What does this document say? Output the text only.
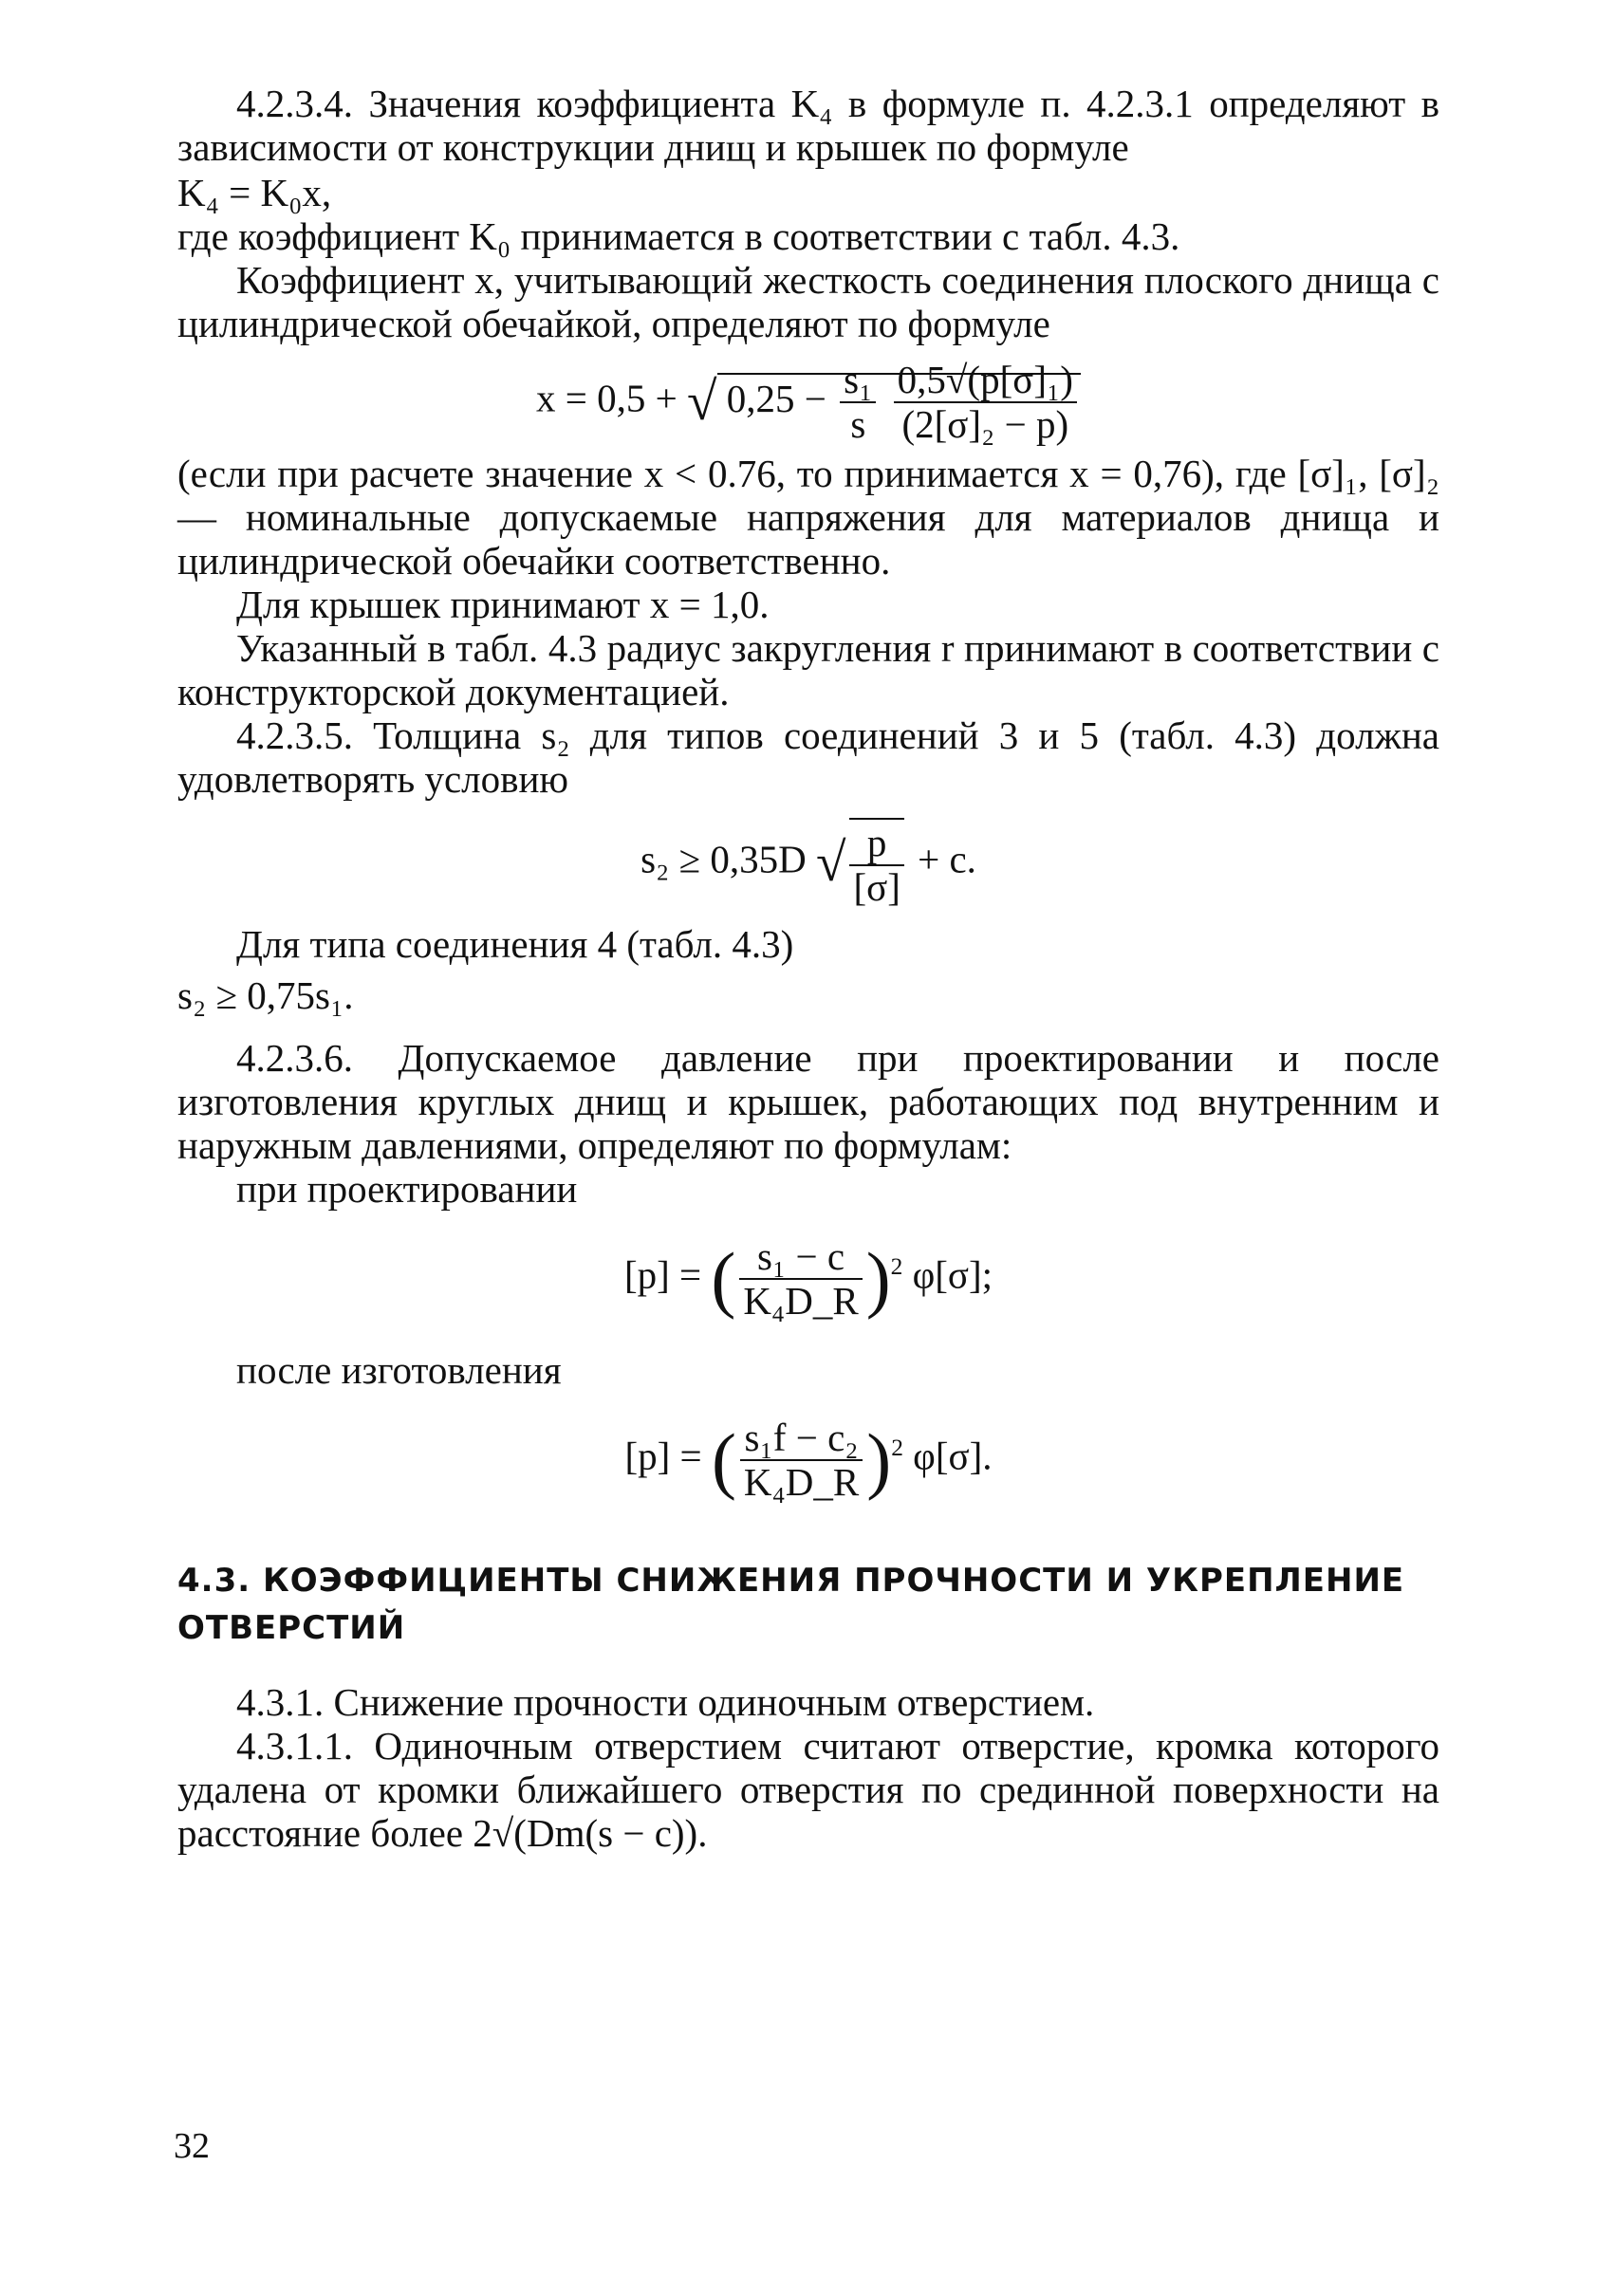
4.2.3.4. Значения коэффициента K₄ в формуле п. 4.2.3.1 определяют в зависимости от конструкции днищ и крышек по формуле

K₄ = K₀x,

где коэффициент K₀ принимается в соответствии с табл. 4.3.

Коэффициент x, учитывающий жесткость соединения плоского днища с цилиндрической обечайкой, определяют по формуле

x = 0,5 + √ $0,25 - \frac{\text{s₁}}{s}$
$\frac{\text{0,5√(p[σ]₁)}}{\text{(2[σ]₂ − p)}}$

(если при расчете значение x < 0.76, то принимается x = 0,76), где [σ]₁, [σ]₂ — номинальные допускаемые напряжения для материалов днища и цилиндрической обечайки соответственно.

Для крышек принимают x = 1,0.

Указанный в табл. 4.3 радиус закругления r принимают в соответствии с конструкторской документацией.

4.2.3.5. Толщина s₂ для типов соединений 3 и 5 (табл. 4.3) должна удовлетворять условию

s₂ ≥ 0,35D √ $\frac{p}{[\sigma]} + c$.

Для типа соединения 4 (табл. 4.3)

s₂ ≥ 0,75s₁.

4.2.3.6. Допускаемое давление при проектировании и после изготовления круглых днищ и крышек, работающих под внутренним и наружным давлениями, определяют по формулам:

при проектировании

[p] = ( $\frac{\text{s₁ − c}}{\text{K₄D\_R}} )^2$ φ[σ];

после изготовления

[p] = ( $\frac{\text{s₁f − c₂}}{\text{K₄D\_R}} )^2$ φ[σ].
4.3. КОЭФФИЦИЕНТЫ СНИЖЕНИЯ ПРОЧНОСТИ И УКРЕПЛЕНИЕ ОТВЕРСТИЙ

4.3.1. Снижение прочности одиночным отверстием.

4.3.1.1. Одиночным отверстием считают отверстие, кромка которого удалена от кромки ближайшего отверстия по срединной поверхности на расстояние более 2√(Dm(s − c)).

32
